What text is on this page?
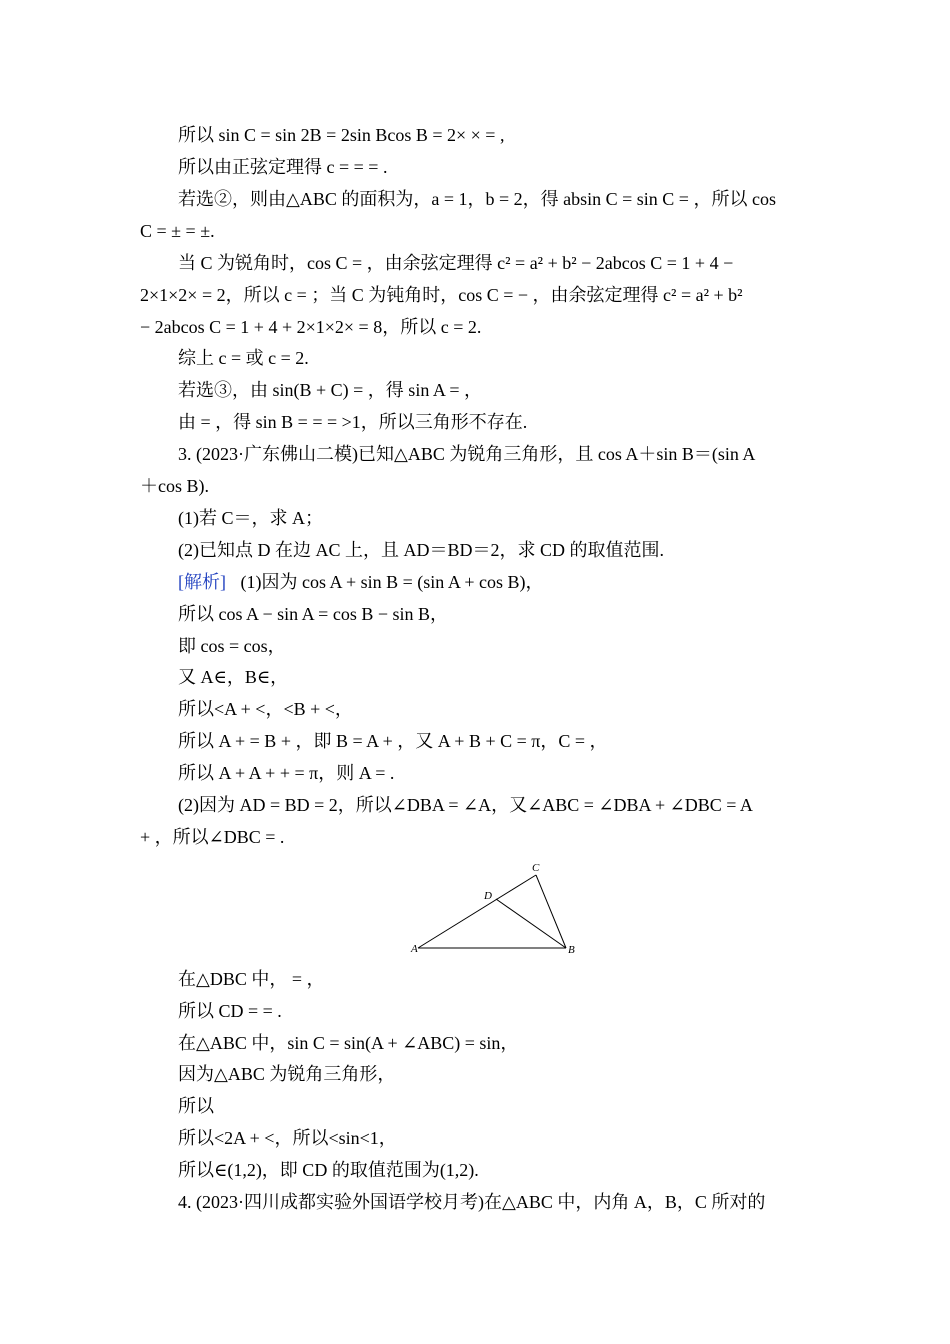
所以 sin C = sin 2B = 2sin Bcos B = 2× × = ,
所以由正弦定理得 c = = = .
若选②，则由△ABC 的面积为，a = 1，b = 2，得 absin C = sin C = ，所以 cos
C = ± = ±.
当 C 为锐角时，cos C = ，由余弦定理得 c² = a² + b² − 2abcos C = 1 + 4 −
2×1×2× = 2，所以 c = ；当 C 为钝角时，cos C = − ，由余弦定理得 c² = a² + b²
− 2abcos C = 1 + 4 + 2×1×2× = 8，所以 c = 2.
综上 c = 或 c = 2.
若选③，由 sin(B + C) = ，得 sin A = ，
由 = ，得 sin B = = = >1，所以三角形不存在.
3. (2023·广东佛山二模)已知△ABC 为锐角三角形，且 cos A＋sin B＝(sin A
＋cos B).
(1)若 C＝，求 A；
(2)已知点 D 在边 AC 上，且 AD＝BD＝2，求 CD 的取值范围.
[解析] (1)因为 cos A + sin B = (sin A + cos B)，
所以 cos A − sin A = cos B − sin B，
即 cos = cos，
又 A∈，B∈，
所以<A + <，<B + <，
所以 A + = B + ，即 B = A + ，又 A + B + C = π，C = ，
所以 A + A + + = π，则 A = .
(2)因为 AD = BD = 2，所以∠DBA = ∠A，又∠ABC = ∠DBA + ∠DBC = A
+ ，所以∠DBC = .
A	B
C
D
在△DBC 中， = ，
所以 CD = = .
在△ABC 中，sin C = sin(A + ∠ABC) = sin，
因为△ABC 为锐角三角形，
所以
所以<2A + <，所以<sin<1，
所以∈(1,2)，即 CD 的取值范围为(1,2).
4. (2023·四川成都实验外国语学校月考)在△ABC 中，内角 A，B，C 所对的
